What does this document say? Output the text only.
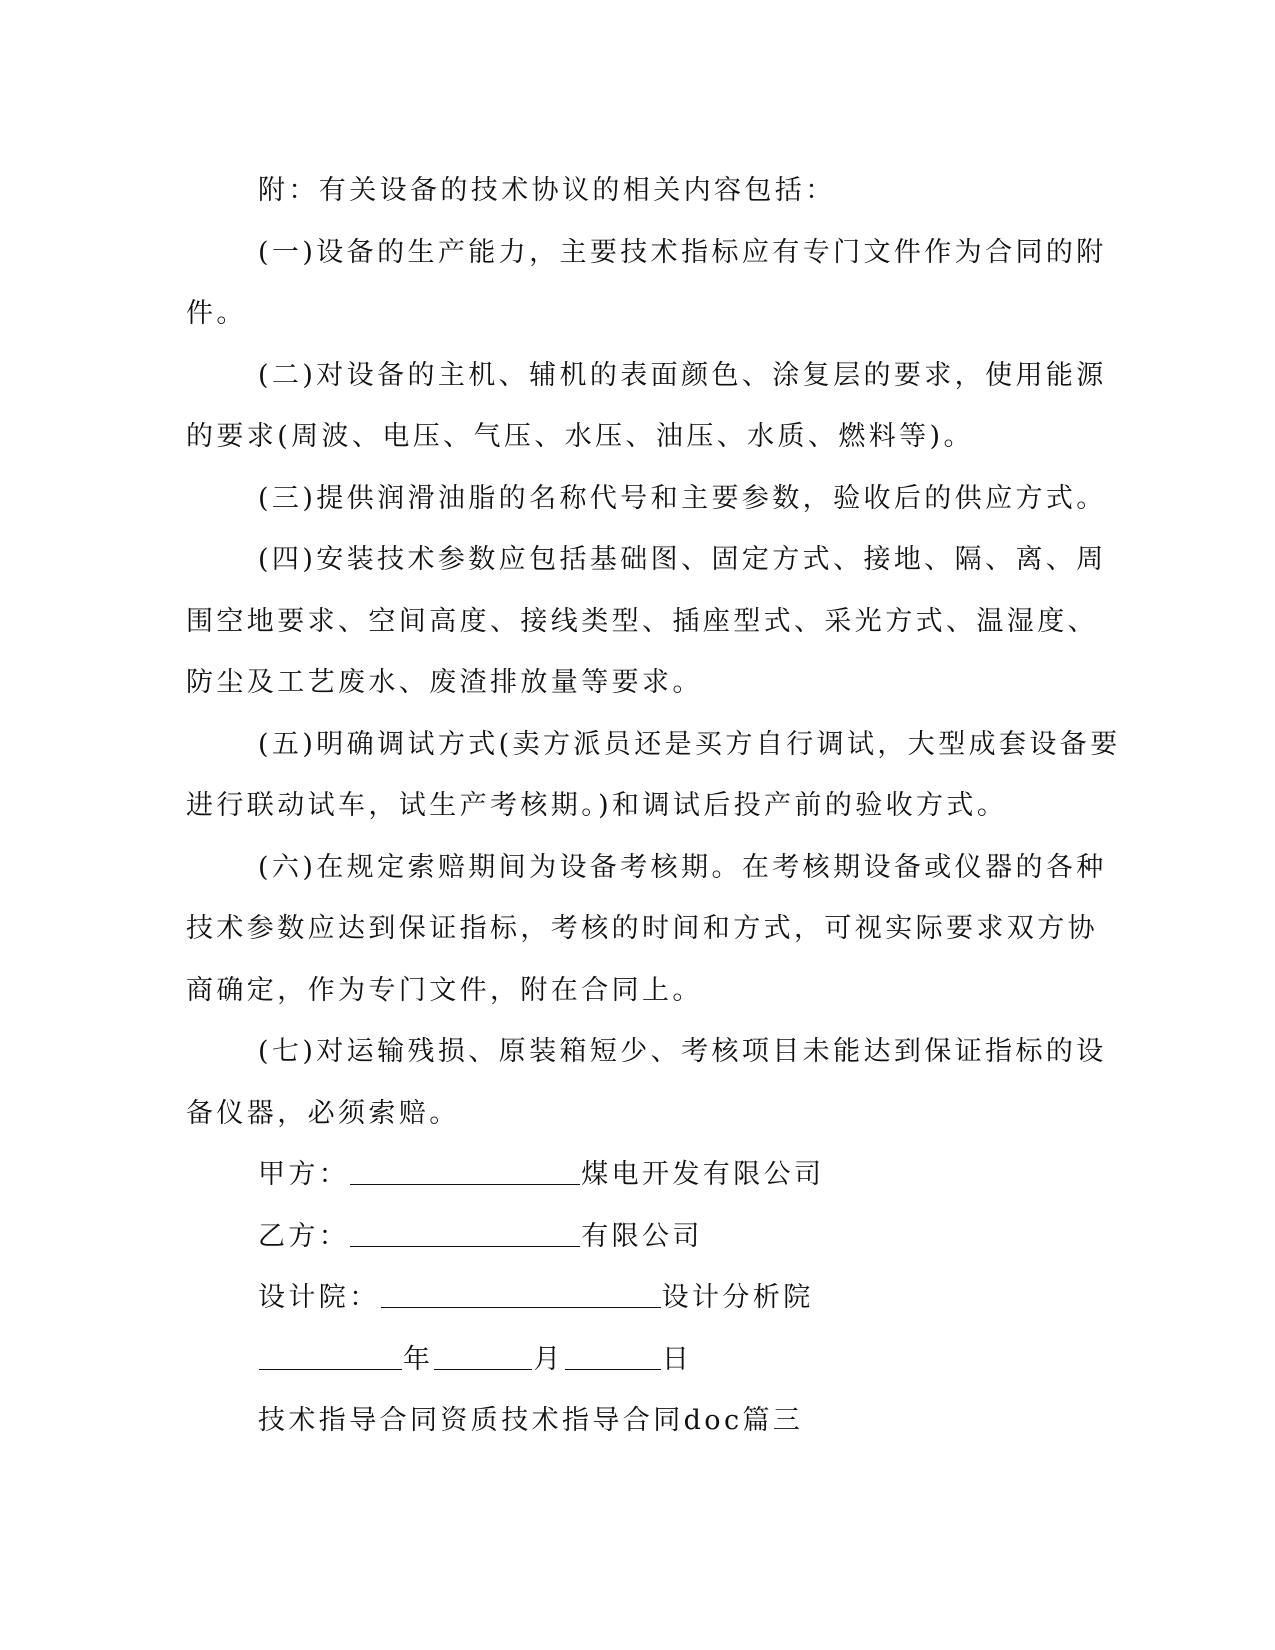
附：有关设备的技术协议的相关内容包括：
(一)设备的生产能力，主要技术指标应有专门文件作为合同的附
件。
(二)对设备的主机、辅机的表面颜色、涂复层的要求，使用能源
的要求(周波、电压、气压、水压、油压、水质、燃料等)。
(三)提供润滑油脂的名称代号和主要参数，验收后的供应方式。
(四)安装技术参数应包括基础图、固定方式、接地、隔、离、周
围空地要求、空间高度、接线类型、插座型式、采光方式、温湿度、
防尘及工艺废水、废渣排放量等要求。
(五)明确调试方式(卖方派员还是买方自行调试，大型成套设备要
进行联动试车，试生产考核期。)和调试后投产前的验收方式。
(六)在规定索赔期间为设备考核期。在考核期设备或仪器的各种
技术参数应达到保证指标，考核的时间和方式，可视实际要求双方协
商确定，作为专门文件，附在合同上。
(七)对运输残损、原装箱短少、考核项目未能达到保证指标的设
备仪器，必须索赔。
甲方：	煤电开发有限公司
乙方：	有限公司
设计院：	设计分析院
年	月	日
技术指导合同资质技术指导合同doc篇三
